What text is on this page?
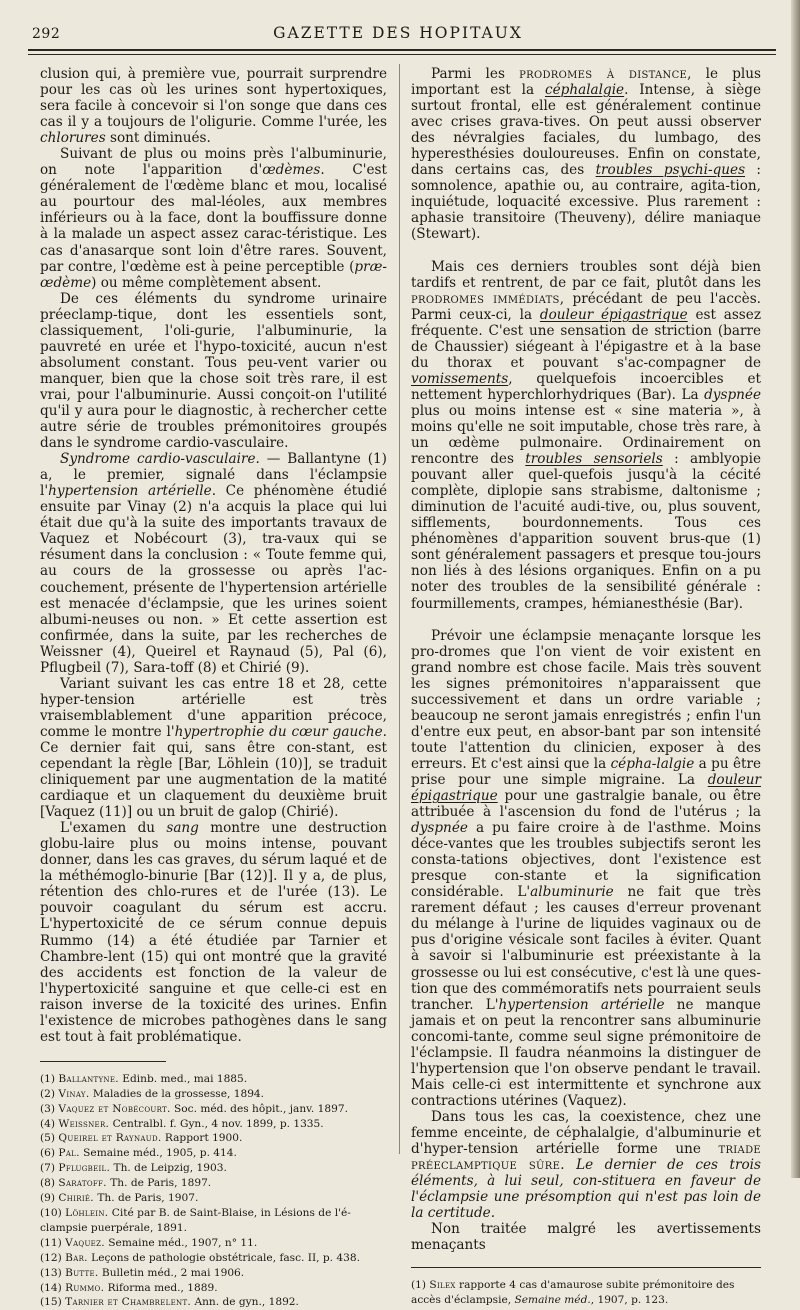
292	GAZETTE DES HOPITAUX

clusion qui, à première vue, pourrait surprendre pour les cas où les urines sont hypertoxiques, sera facile à concevoir si l'on songe que dans ces cas il y a toujours de l'oligurie. Comme l'urée, les chlorures sont diminués.

Suivant de plus ou moins près l'albuminurie, on note l'apparition d'œdèmes. C'est généralement de l'œdème blanc et mou, localisé au pourtour des mal-léoles, aux membres inférieurs ou à la face, dont la bouffissure donne à la malade un aspect assez carac-téristique. Les cas d'anasarque sont loin d'être rares. Souvent, par contre, l'œdème est à peine perceptible (præ-œdème) ou même complètement absent.

De ces éléments du syndrome urinaire préeclamp-tique, dont les essentiels sont, classiquement, l'oli-gurie, l'albuminurie, la pauvreté en urée et l'hypo-toxicité, aucun n'est absolument constant. Tous peu-vent varier ou manquer, bien que la chose soit très rare, il est vrai, pour l'albuminurie. Aussi conçoit-on l'utilité qu'il y aura pour le diagnostic, à rechercher cette autre série de troubles prémonitoires groupés dans le syndrome cardio-vasculaire.

Syndrome cardio-vasculaire. — Ballantyne (1) a, le premier, signalé dans l'éclampsie l'hypertension artérielle. Ce phénomène étudié ensuite par Vinay (2) n'a acquis la place qui lui était due qu'à la suite des importants travaux de Vaquez et Nobécourt (3), tra-vaux qui se résument dans la conclusion : « Toute femme qui, au cours de la grossesse ou après l'ac-couchement, présente de l'hypertension artérielle est menacée d'éclampsie, que les urines soient albumi-neuses ou non. » Et cette assertion est confirmée, dans la suite, par les recherches de Weissner (4), Queirel et Raynaud (5), Pal (6), Pflugbeil (7), Sara-toff (8) et Chirié (9).

Variant suivant les cas entre 18 et 28, cette hyper-tension artérielle est très vraisemblablement d'une apparition précoce, comme le montre l'hypertrophie du cœur gauche. Ce dernier fait qui, sans être con-stant, est cependant la règle [Bar, Löhlein (10)], se traduit cliniquement par une augmentation de la matité cardiaque et un claquement du deuxième bruit [Vaquez (11)] ou un bruit de galop (Chirié).

L'examen du sang montre une destruction globu-laire plus ou moins intense, pouvant donner, dans les cas graves, du sérum laqué et de la méthémoglo-binurie [Bar (12)]. Il y a, de plus, rétention des chlo-rures et de l'urée (13). Le pouvoir coagulant du sérum est accru. L'hypertoxicité de ce sérum connue depuis Rummo (14) a été étudiée par Tarnier et Chambre-lent (15) qui ont montré que la gravité des accidents est fonction de la valeur de l'hypertoxicité sanguine et que celle-ci est en raison inverse de la toxicité des urines. Enfin l'existence de microbes pathogènes dans le sang est tout à fait problématique.

(1) Ballantyne. Edinb. med., mai 1885.
(2) Vinay. Maladies de la grossesse, 1894.
(3) Vaquez et Nobécourt. Soc. méd. des hôpit., janv. 1897.
(4) Weissner. Centralbl. f. Gyn., 4 nov. 1899, p. 1335.
(5) Queirel et Raynaud. Rapport 1900.
(6) Pal. Semaine méd., 1905, p. 414.
(7) Pflugbeil. Th. de Leipzig, 1903.
(8) Saratoff. Th. de Paris, 1897.
(9) Chirié. Th. de Paris, 1907.
(10) Löhlein. Cité par B. de Saint-Blaise, in Lésions de l'é-clampsie puerpérale, 1891.
(11) Vaquez. Semaine méd., 1907, n° 11.
(12) Bar. Leçons de pathologie obstétricale, fasc. II, p. 438.
(13) Butte. Bulletin méd., 2 mai 1906.
(14) Rummo. Riforma med., 1889.
(15) Tarnier et Chambrelent. Ann. de gyn., 1892.

Parmi les prodromes à distance, le plus important est la céphalalgie. Intense, à siège surtout frontal, elle est généralement continue avec crises grava-tives. On peut aussi observer des névralgies faciales, du lumbago, des hyperesthésies douloureuses. Enfin on constate, dans certains cas, des troubles psychi-ques : somnolence, apathie ou, au contraire, agita-tion, inquiétude, loquacité excessive. Plus rarement : aphasie transitoire (Theuveny), délire maniaque (Stewart).

Mais ces derniers troubles sont déjà bien tardifs et rentrent, de par ce fait, plutôt dans les prodromes immédiats, précédant de peu l'accès. Parmi ceux-ci, la douleur épigastrique est assez fréquente. C'est une sensation de striction (barre de Chaussier) siégeant à l'épigastre et à la base du thorax et pouvant s'ac-compagner de vomissements, quelquefois incoercibles et nettement hyperchlorhydriques (Bar). La dyspnée plus ou moins intense est « sine materia », à moins qu'elle ne soit imputable, chose très rare, à un œdème pulmonaire. Ordinairement on rencontre des troubles sensoriels : amblyopie pouvant aller quel-quefois jusqu'à la cécité complète, diplopie sans strabisme, daltonisme ; diminution de l'acuité audi-tive, ou, plus souvent, sifflements, bourdonnements. Tous ces phénomènes d'apparition souvent brus-que (1) sont généralement passagers et presque tou-jours non liés à des lésions organiques. Enfin on a pu noter des troubles de la sensibilité générale : fourmillements, crampes, hémianesthésie (Bar).

Prévoir une éclampsie menaçante lorsque les pro-dromes que l'on vient de voir existent en grand nombre est chose facile. Mais très souvent les signes prémonitoires n'apparaissent que successivement et dans un ordre variable ; beaucoup ne seront jamais enregistrés ; enfin l'un d'entre eux peut, en absor-bant par son intensité toute l'attention du clinicien, exposer à des erreurs. Et c'est ainsi que la cépha-lalgie a pu être prise pour une simple migraine. La douleur épigastrique pour une gastralgie banale, ou être attribuée à l'ascension du fond de l'utérus ; la dyspnée a pu faire croire à de l'asthme. Moins déce-vantes que les troubles subjectifs seront les consta-tations objectives, dont l'existence est presque con-stante et la signification considérable. L'albuminurie ne fait que très rarement défaut ; les causes d'erreur provenant du mélange à l'urine de liquides vaginaux ou de pus d'origine vésicale sont faciles à éviter. Quant à savoir si l'albuminurie est préexistante à la grossesse ou lui est consécutive, c'est là une ques-tion que des commémoratifs nets pourraient seuls trancher. L'hypertension artérielle ne manque jamais et on peut la rencontrer sans albuminurie concomi-tante, comme seul signe prémonitoire de l'éclampsie. Il faudra néanmoins la distinguer de l'hypertension que l'on observe pendant le travail. Mais celle-ci est intermittente et synchrone aux contractions utérines (Vaquez).

Dans tous les cas, la coexistence, chez une femme enceinte, de céphalalgie, d'albuminurie et d'hyper-tension artérielle forme une triade préeclamptique sûre. Le dernier de ces trois éléments, à lui seul, con-stituera en faveur de l'éclampsie une présomption qui n'est pas loin de la certitude.

Non traitée malgré les avertissements menaçants

(1) Silex rapporte 4 cas d'amaurose subite prémonitoire des accès d'éclampsie, Semaine méd., 1907, p. 123.
